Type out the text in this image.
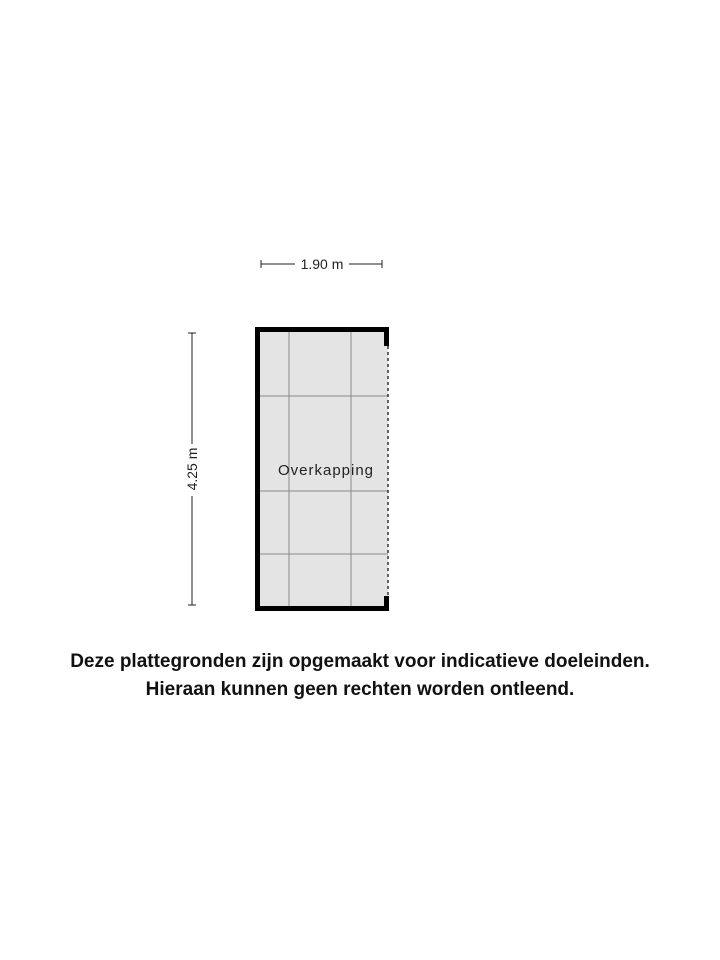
1.90 m
4.25 m	Overkapping
Deze plattegronden zijn opgemaakt voor indicatieve doeleinden.
Hieraan kunnen geen rechten worden ontleend.
